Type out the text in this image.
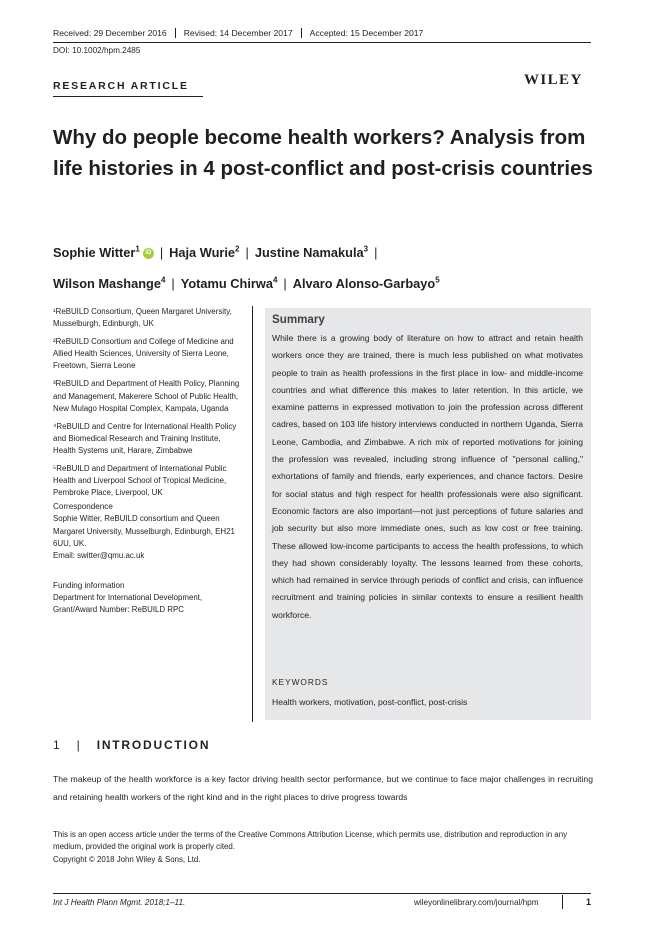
Received: 29 December 2016	Revised: 14 December 2017	Accepted: 15 December 2017
DOI: 10.1002/hpm.2485
RESEARCH ARTICLE	WILEY
Why do people become health workers? Analysis from life histories in 4 post-conflict and post-crisis countries
Sophie Witter$^1$ iD | Haja Wurie$^2$ | Justine Namakula$^3$ |
Wilson Mashange$^4$ | Yotamu Chirwa$^4$ | Alvaro Alonso-Garbayo$^5$

¹ReBUILD Consortium, Queen Margaret University, Musselburgh, Edinburgh, UK

²ReBUILD Consortium and College of Medicine and Allied Health Sciences, University of Sierra Leone, Freetown, Sierra Leone

³ReBUILD and Department of Health Policy, Planning and Management, Makerere School of Public Health, New Mulago Hospital Complex, Kampala, Uganda

⁴ReBUILD and Centre for International Health Policy and Biomedical Research and Training Institute, Health Systems unit, Harare, Zimbabwe

⁵ReBUILD and Department of International Public Health and Liverpool School of Tropical Medicine, Pembroke Place, Liverpool, UK

Correspondence
Sophie Witter, ReBUILD consortium and Queen Margaret University, Musselburgh, Edinburgh, EH21 6UU, UK.
Email: switter@qmu.ac.uk
Funding information
Department for International Development, Grant/Award Number: ReBUILD RPC
Summary
While there is a growing body of literature on how to attract and retain health workers once they are trained, there is much less published on what motivates people to train as health professions in the first place in low- and middle-income countries and what difference this makes to later retention. In this article, we examine patterns in expressed motivation to join the profession across different cadres, based on 103 life history interviews conducted in northern Uganda, Sierra Leone, Cambodia, and Zimbabwe. A rich mix of reported motivations for joining the profession was revealed, including strong influence of "personal calling," exhortations of family and friends, early experiences, and chance factors. Desire for social status and high respect for health professionals were also significant. Economic factors are also important—not just perceptions of future salaries and job security but also more immediate ones, such as low cost or free training. These allowed low-income participants to access the health professions, to which they had shown considerably loyalty. The lessons learned from these cohorts, which had remained in service through periods of conflict and crisis, can influence recruitment and training policies in similar contexts to ensure a resilient health workforce.
KEYWORDS
Health workers, motivation, post-conflict, post-crisis
1 | INTRODUCTION
The makeup of the health workforce is a key factor driving health sector performance, but we continue to face major challenges in recruiting and retaining health workers of the right kind and in the right places to drive progress towards
This is an open access article under the terms of the Creative Commons Attribution License, which permits use, distribution and reproduction in any medium, provided the original work is properly cited.
Copyright © 2018 John Wiley & Sons, Ltd.
Int J Health Plann Mgmt. 2018;1–11.	wileyonlinelibrary.com/journal/hpm	1
